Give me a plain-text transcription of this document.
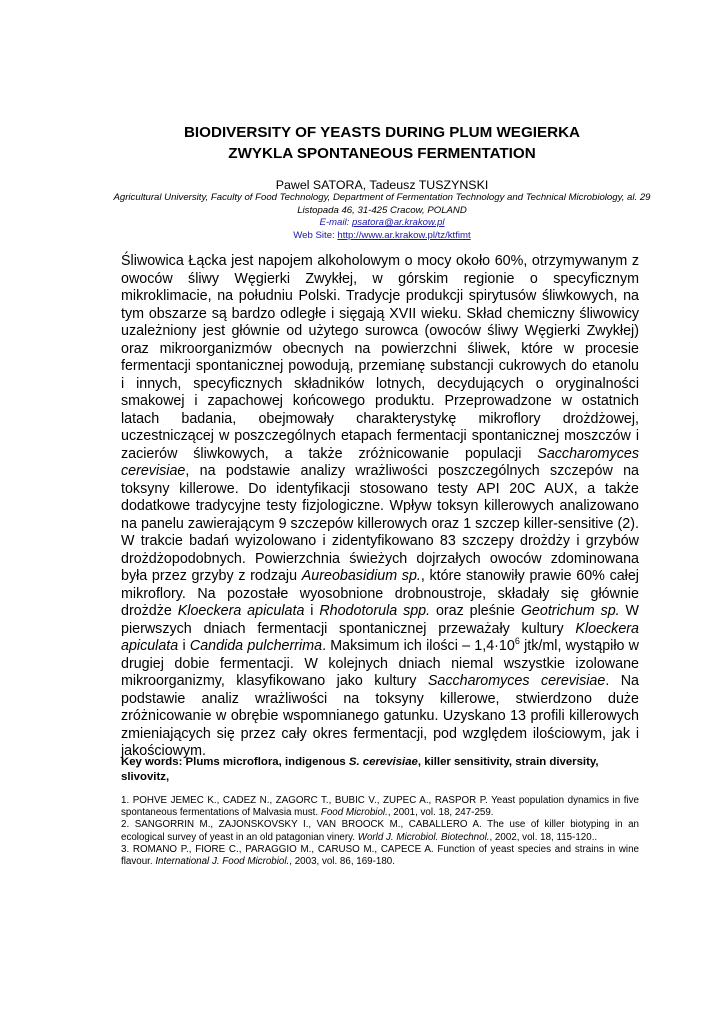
BIODIVERSITY OF YEASTS DURING PLUM WEGIERKA
ZWYKLA SPONTANEOUS FERMENTATION

Pawel SATORA, Tadeusz TUSZYNSKI

Agricultural University, Faculty of Food Technology, Department of Fermentation Technology and Technical Microbiology, al. 29 Listopada 46, 31-425 Cracow, POLAND

E-mail: psatora@ar.krakow.pl
Web Site: http://www.ar.krakow.pl/tz/ktfimt

Śliwowica Łącka jest napojem alkoholowym o mocy około 60%, otrzymywanym z owoców śliwy Węgierki Zwykłej, w górskim regionie o specyficznym mikroklimacie, na południu Polski. Tradycje produkcji spirytusów śliwkowych, na tym obszarze są bardzo odległe i sięgają XVII wieku. Skład chemiczny śliwowicy uzależniony jest głównie od użytego surowca (owoców śliwy Węgierki Zwykłej) oraz mikroorganizmów obecnych na powierzchni śliwek, które w procesie fermentacji spontanicznej powodują, przemianę substancji cukrowych do etanolu i innych, specyficznych składników lotnych, decydujących o oryginalności smakowej i zapachowej końcowego produktu. Przeprowadzone w ostatnich latach badania, obejmowały charakterystykę mikroflory drożdżowej, uczestniczącej w poszczególnych etapach fermentacji spontanicznej moszczów i zacierów śliwkowych, a także zróżnicowanie populacji Saccharomyces cerevisiae, na podstawie analizy wrażliwości poszczególnych szczepów na toksyny killerowe. Do identyfikacji stosowano testy API 20C AUX, a także dodatkowe tradycyjne testy fizjologiczne. Wpływ toksyn killerowych analizowano na panelu zawierającym 9 szczepów killerowych oraz 1 szczep killer-sensitive (2). W trakcie badań wyizolowano i zidentyfikowano 83 szczepy drożdży i grzybów drożdżopodobnych. Powierzchnia świeżych dojrzałych owoców zdominowana była przez grzyby z rodzaju Aureobasidium sp., które stanowiły prawie 60% całej mikroflory. Na pozostałe wyosobnione drobnoustroje, składały się głównie drożdże Kloeckera apiculata i Rhodotorula spp. oraz pleśnie Geotrichum sp. W pierwszych dniach fermentacji spontanicznej przeważały kultury Kloeckera apiculata i Candida pulcherrima. Maksimum ich ilości – $1,4\cdot 10^6$ jtk/ml, wystąpiło w drugiej dobie fermentacji. W kolejnych dniach niemal wszystkie izolowane mikroorganizmy, klasyfikowano jako kultury Saccharomyces cerevisiae. Na podstawie analiz wrażliwości na toksyny killerowe, stwierdzono duże zróżnicowanie w obrębie wspomnianego gatunku. Uzyskano 13 profili killerowych zmieniających się przez cały okres fermentacji, pod względem ilościowym, jak i jakościowym.

Key words: Plums microflora, indigenous S. cerevisiae, killer sensitivity, strain diversity, slivovitz,

1. POHVE JEMEC K., CADEZ N., ZAGORC T., BUBIC V., ZUPEC A., RASPOR P. Yeast population dynamics in five spontaneous fermentations of Malvasia must. Food Microbiol., 2001, vol. 18, 247-259.
2. SANGORRIN M., ZAJONSKOVSKY I., VAN BROOCK M., CABALLERO A. The use of killer biotyping in an ecological survey of yeast in an old patagonian vinery. World J. Microbiol. Biotechnol., 2002, vol. 18, 115-120..
3. ROMANO P., FIORE C., PARAGGIO M., CARUSO M., CAPECE A. Function of yeast species and strains in wine flavour. International J. Food Microbiol., 2003, vol. 86, 169-180.
